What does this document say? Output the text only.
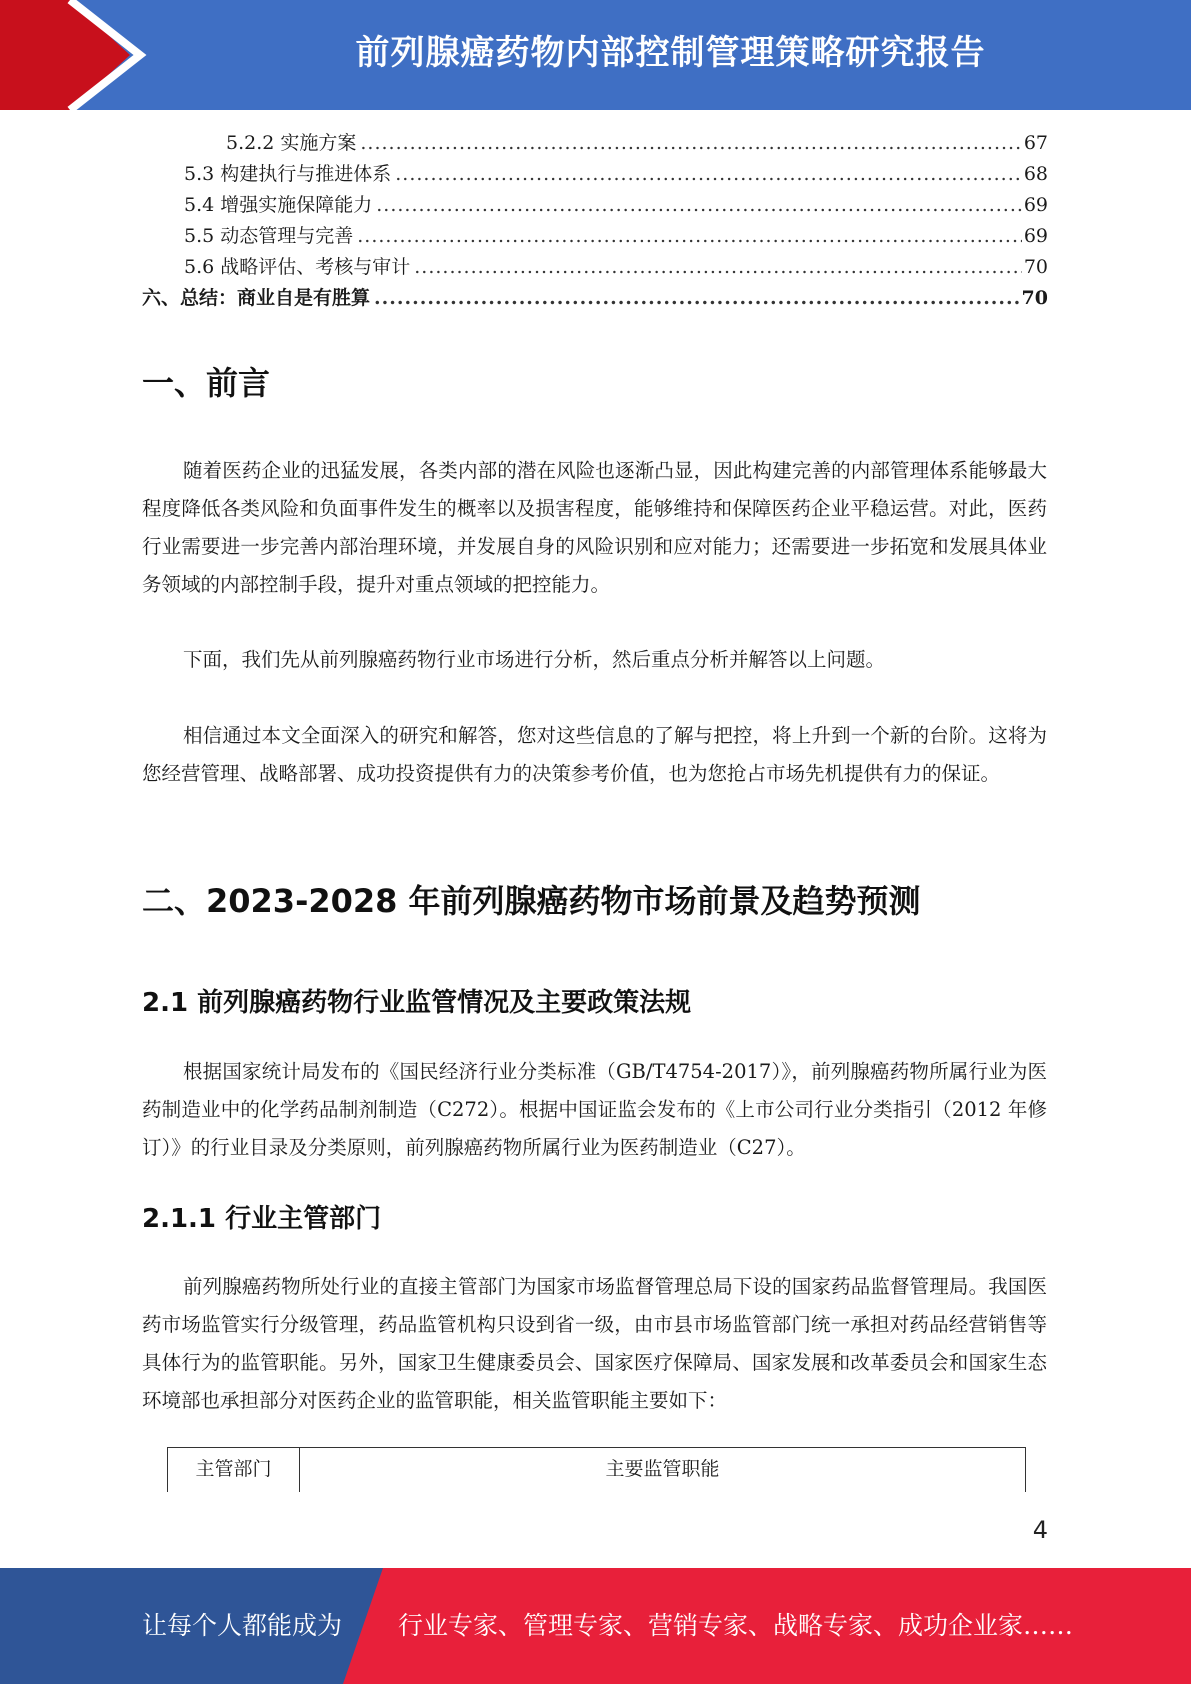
前列腺癌药物内部控制管理策略研究报告
5.2.2 实施方案 .....	67
5.3 构建执行与推进体系 .....	68
5.4 增强实施保障能力 .....	69
5.5 动态管理与完善 .....	69
5.6 战略评估、考核与审计 .....	70
六、总结：商业自是有胜算 .....	70
一、前言
随着医药企业的迅猛发展，各类内部的潜在风险也逐渐凸显，因此构建完善的内部管理体系能够最大程度降低各类风险和负面事件发生的概率以及损害程度，能够维持和保障医药企业平稳运营。对此，医药行业需要进一步完善内部治理环境，并发展自身的风险识别和应对能力；还需要进一步拓宽和发展具体业务领域的内部控制手段，提升对重点领域的把控能力。
下面，我们先从前列腺癌药物行业市场进行分析，然后重点分析并解答以上问题。
相信通过本文全面深入的研究和解答，您对这些信息的了解与把控，将上升到一个新的台阶。这将为您经营管理、战略部署、成功投资提供有力的决策参考价值，也为您抢占市场先机提供有力的保证。
二、2023-2028 年前列腺癌药物市场前景及趋势预测
2.1 前列腺癌药物行业监管情况及主要政策法规
根据国家统计局发布的《国民经济行业分类标准（GB/T4754-2017）》，前列腺癌药物所属行业为医药制造业中的化学药品制剂制造（C272）。根据中国证监会发布的《上市公司行业分类指引（2012 年修订）》的行业目录及分类原则，前列腺癌药物所属行业为医药制造业（C27）。
2.1.1 行业主管部门
前列腺癌药物所处行业的直接主管部门为国家市场监督管理总局下设的国家药品监督管理局。我国医药市场监管实行分级管理，药品监管机构只设到省一级，由市县市场监管部门统一承担对药品经营销售等具体行为的监管职能。另外，国家卫生健康委员会、国家医疗保障局、国家发展和改革委员会和国家生态环境部也承担部分对医药企业的监管职能，相关监管职能主要如下：
主管部门	主要监管职能
4
让每个人都能成为 行业专家、管理专家、营销专家、战略专家、成功企业家……
